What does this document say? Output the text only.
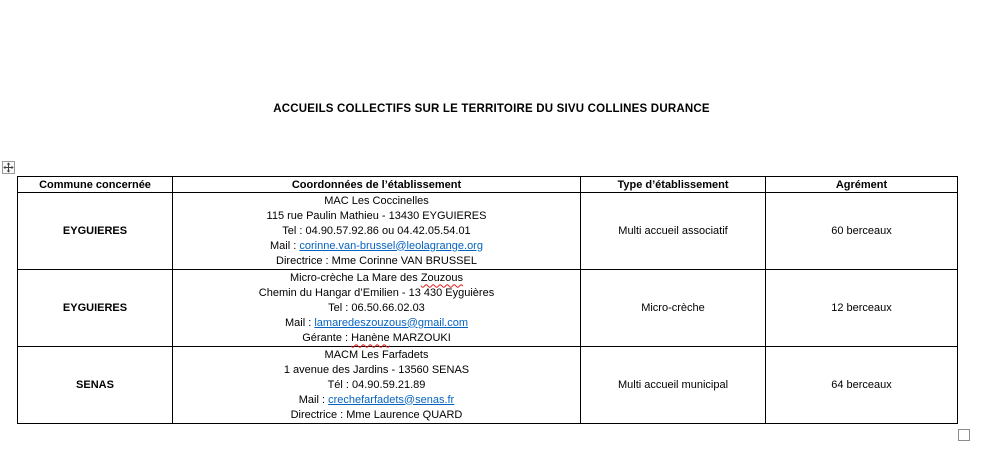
ACCUEILS COLLECTIFS SUR LE TERRITOIRE DU SIVU COLLINES DURANCE
Commune concernée	Coordonnées de l’établissement	Type d’établissement	Agrément
EYGUIERES	MAC Les Coccinelles
115 rue Paulin Mathieu - 13430 EYGUIERES
Tel : 04.90.57.92.86 ou 04.42.05.54.01
Mail : corinne.van-brussel@leolagrange.org
Directrice : Mme Corinne VAN BRUSSEL	Multi accueil associatif	60 berceaux
EYGUIERES	Micro-crèche La Mare des Zouzous
Chemin du Hangar d’Emilien - 13 430 Eyguières
Tel : 06.50.66.02.03
Mail : lamaredeszouzous@gmail.com
Gérante : Hanène MARZOUKI	Micro-crèche	12 berceaux
SENAS	MACM Les Farfadets
1 avenue des Jardins - 13560 SENAS
Tél : 04.90.59.21.89
Mail : crechefarfadets@senas.fr
Directrice : Mme Laurence QUARD	Multi accueil municipal	64 berceaux
